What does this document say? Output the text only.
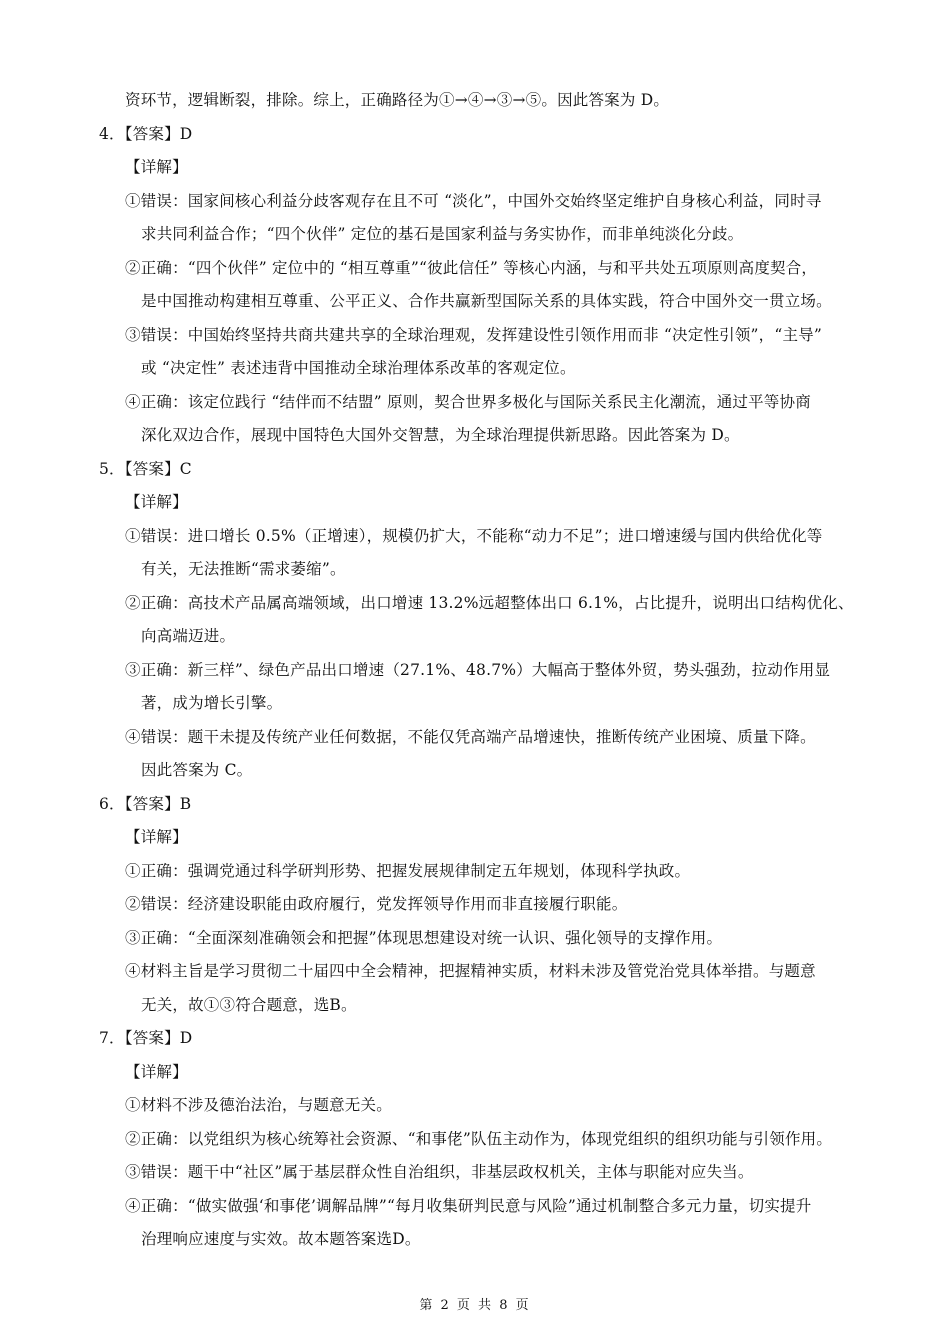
资环节，逻辑断裂，排除。综上，正确路径为①→④→③→⑤。因此答案为 D。
4．【答案】D
【详解】
①错误：国家间核心利益分歧客观存在且不可 “淡化”，中国外交始终坚定维护自身核心利益，同时寻
求共同利益合作；“四个伙伴” 定位的基石是国家利益与务实协作，而非单纯淡化分歧。
②正确：“四个伙伴” 定位中的 “相互尊重”“彼此信任” 等核心内涵，与和平共处五项原则高度契合，
是中国推动构建相互尊重、公平正义、合作共赢新型国际关系的具体实践，符合中国外交一贯立场。
③错误：中国始终坚持共商共建共享的全球治理观，发挥建设性引领作用而非 “决定性引领”，“主导”
或 “决定性” 表述违背中国推动全球治理体系改革的客观定位。
④正确：该定位践行 “结伴而不结盟” 原则，契合世界多极化与国际关系民主化潮流，通过平等协商
深化双边合作，展现中国特色大国外交智慧，为全球治理提供新思路。因此答案为 D。
5．【答案】C
【详解】
①错误：进口增长 0.5%（正增速），规模仍扩大，不能称“动力不足”；进口增速缓与国内供给优化等
有关，无法推断“需求萎缩”。
②正确：高技术产品属高端领域，出口增速 13.2%远超整体出口 6.1%，占比提升，说明出口结构优化、
向高端迈进。
③正确：新三样”、绿色产品出口增速（27.1%、48.7%）大幅高于整体外贸，势头强劲，拉动作用显
著，成为增长引擎。
④错误：题干未提及传统产业任何数据，不能仅凭高端产品增速快，推断传统产业困境、质量下降。
因此答案为 C。
6．【答案】B
【详解】
①正确：强调党通过科学研判形势、把握发展规律制定五年规划，体现科学执政。
②错误：经济建设职能由政府履行，党发挥领导作用而非直接履行职能。
③正确：“全面深刻准确领会和把握”体现思想建设对统一认识、强化领导的支撑作用。
④材料主旨是学习贯彻二十届四中全会精神，把握精神实质，材料未涉及管党治党具体举措。与题意
无关，故①③符合题意，选B。
7．【答案】D
【详解】
①材料不涉及德治法治，与题意无关。
②正确：以党组织为核心统筹社会资源、“和事佬”队伍主动作为，体现党组织的组织功能与引领作用。
③错误：题干中“社区”属于基层群众性自治组织，非基层政权机关，主体与职能对应失当。
④正确：“做实做强‘和事佬’调解品牌”“每月收集研判民意与风险”通过机制整合多元力量，切实提升
治理响应速度与实效。故本题答案选D。
第 2 页 共 8 页
